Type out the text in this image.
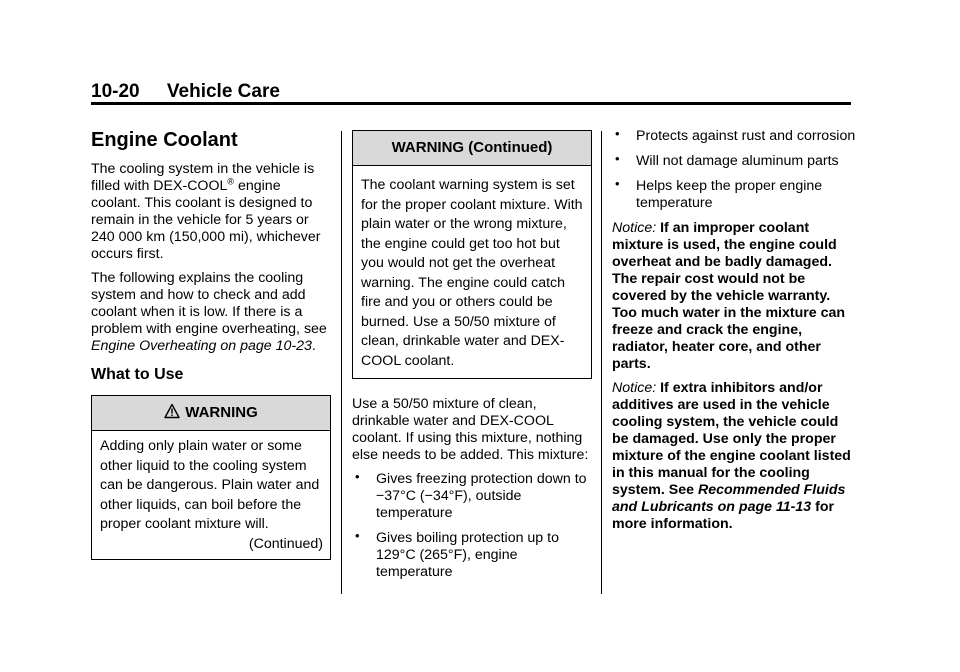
10-20 Vehicle Care
Engine Coolant

The cooling system in the vehicle is filled with DEX-COOL® engine coolant. This coolant is designed to remain in the vehicle for 5 years or 240 000 km (150,000 mi), whichever occurs first.

The following explains the cooling system and how to check and add coolant when it is low. If there is a problem with engine overheating, see Engine Overheating on page 10-23.

What to Use
WARNING
Adding only plain water or some other liquid to the cooling system can be dangerous. Plain water and other liquids, can boil before the proper coolant mixture will.
(Continued)
WARNING (Continued)
The coolant warning system is set for the proper coolant mixture. With plain water or the wrong mixture, the engine could get too hot but you would not get the overheat warning. The engine could catch fire and you or others could be burned. Use a 50/50 mixture of clean, drinkable water and DEX-COOL coolant.

Use a 50/50 mixture of clean, drinkable water and DEX-COOL coolant. If using this mixture, nothing else needs to be added. This mixture:

• Gives freezing protection down to −37°C (−34°F), outside temperature
• Gives boiling protection up to 129°C (265°F), engine temperature
• Protects against rust and corrosion
• Will not damage aluminum parts
• Helps keep the proper engine temperature

Notice: If an improper coolant mixture is used, the engine could overheat and be badly damaged. The repair cost would not be covered by the vehicle warranty. Too much water in the mixture can freeze and crack the engine, radiator, heater core, and other parts.

Notice: If extra inhibitors and/or additives are used in the vehicle cooling system, the vehicle could be damaged. Use only the proper mixture of the engine coolant listed in this manual for the cooling system. See Recommended Fluids and Lubricants on page 11-13 for more information.
